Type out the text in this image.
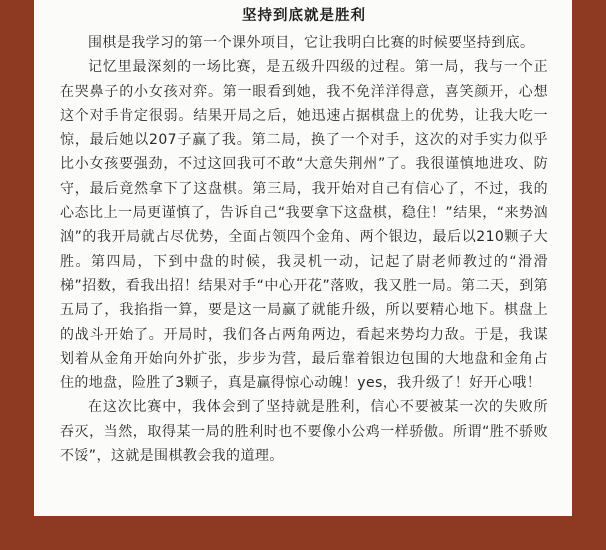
坚持到底就是胜利

围棋是我学习的第一个课外项目，它让我明白比赛的时候要坚持到底。

记忆里最深刻的一场比赛，是五级升四级的过程。第一局，我与一个正在哭鼻子的小女孩对弈。第一眼看到她，我不免洋洋得意，喜笑颜开，心想这个对手肯定很弱。结果开局之后，她迅速占据棋盘上的优势，让我大吃一惊，最后她以207子赢了我。第二局，换了一个对手，这次的对手实力似乎比小女孩要强劲，不过这回我可不敢“大意失荆州”了。我很谨慎地进攻、防守，最后竟然拿下了这盘棋。第三局，我开始对自己有信心了，不过，我的心态比上一局更谨慎了，告诉自己“我要拿下这盘棋，稳住！”结果，“来势汹汹”的我开局就占尽优势，全面占领四个金角、两个银边，最后以210颗子大胜。第四局，下到中盘的时候，我灵机一动，记起了尉老师教过的“滑滑梯”招数，看我出招！结果对手“中心开花”落败，我又胜一局。第二天，到第五局了，我掐指一算，要是这一局赢了就能升级，所以要精心地下。棋盘上的战斗开始了。开局时，我们各占两角两边，看起来势均力敌。于是，我谋划着从金角开始向外扩张，步步为营，最后靠着银边包围的大地盘和金角占住的地盘，险胜了3颗子，真是赢得惊心动魄！yes，我升级了！好开心哦！

在这次比赛中，我体会到了坚持就是胜利，信心不要被某一次的失败所吞灭，当然，取得某一局的胜利时也不要像小公鸡一样骄傲。所谓“胜不骄败不馁”，这就是围棋教会我的道理。
